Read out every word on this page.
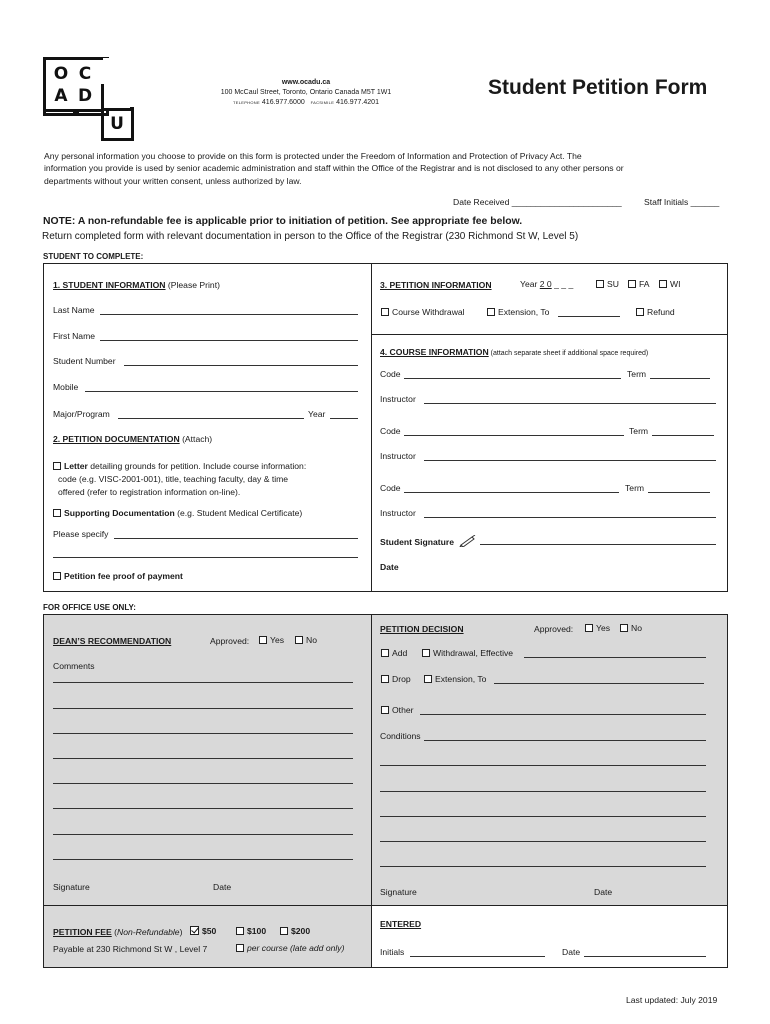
O C
A D
U
www.ocadu.ca
100 McCaul Street, Toronto, Ontario Canada M5T 1W1
TELEPHONE 416.977.6000 FACSIMILE 416.977.4201
Student Petition Form
Any personal information you choose to provide on this form is protected under the Freedom of Information and Protection of Privacy Act. The
information you provide is used by senior academic administration and staff within the Office of the Registrar and is not disclosed to any other persons or
departments without your written consent, unless authorized by law.
Date Received _______________________	Staff Initials ______
NOTE: A non-refundable fee is applicable prior to initiation of petition. See appropriate fee below.
Return completed form with relevant documentation in person to the Office of the Registrar (230 Richmond St W, Level 5)
STUDENT TO COMPLETE:
1. STUDENT INFORMATION (Please Print)
Last Name
First Name
Student Number
Mobile
Major/Program	Year
2. PETITION DOCUMENTATION (Attach)
Letter detailing grounds for petition. Include course information:
code (e.g. VISC-2001-001), title, teaching faculty, day & time
offered (refer to registration information on-line).
Supporting Documentation (e.g. Student Medical Certificate)
Please specify
Petition fee proof of payment
3. PETITION INFORMATION	Year 2 0 _ _ _	SU	FA	WI
Course Withdrawal	Extension, To	Refund
4. COURSE INFORMATION (attach separate sheet if additional space required)
Code	Term
Instructor
Code	Term
Instructor
Code	Term
Instructor
Student Signature
Date
FOR OFFICE USE ONLY:
DEAN’S RECOMMENDATION	Approved:	Yes	No
Comments
Signature	Date
PETITION DECISION	Approved:	Yes	No
Add	Withdrawal, Effective
Drop	Extension, To
Other
Conditions
Signature	Date
PETITION FEE (Non-Refundable)	$50	$100	$200
Payable at 230 Richmond St W , Level 7	per course (late add only)
ENTERED
Initials	Date
Last updated: July 2019
